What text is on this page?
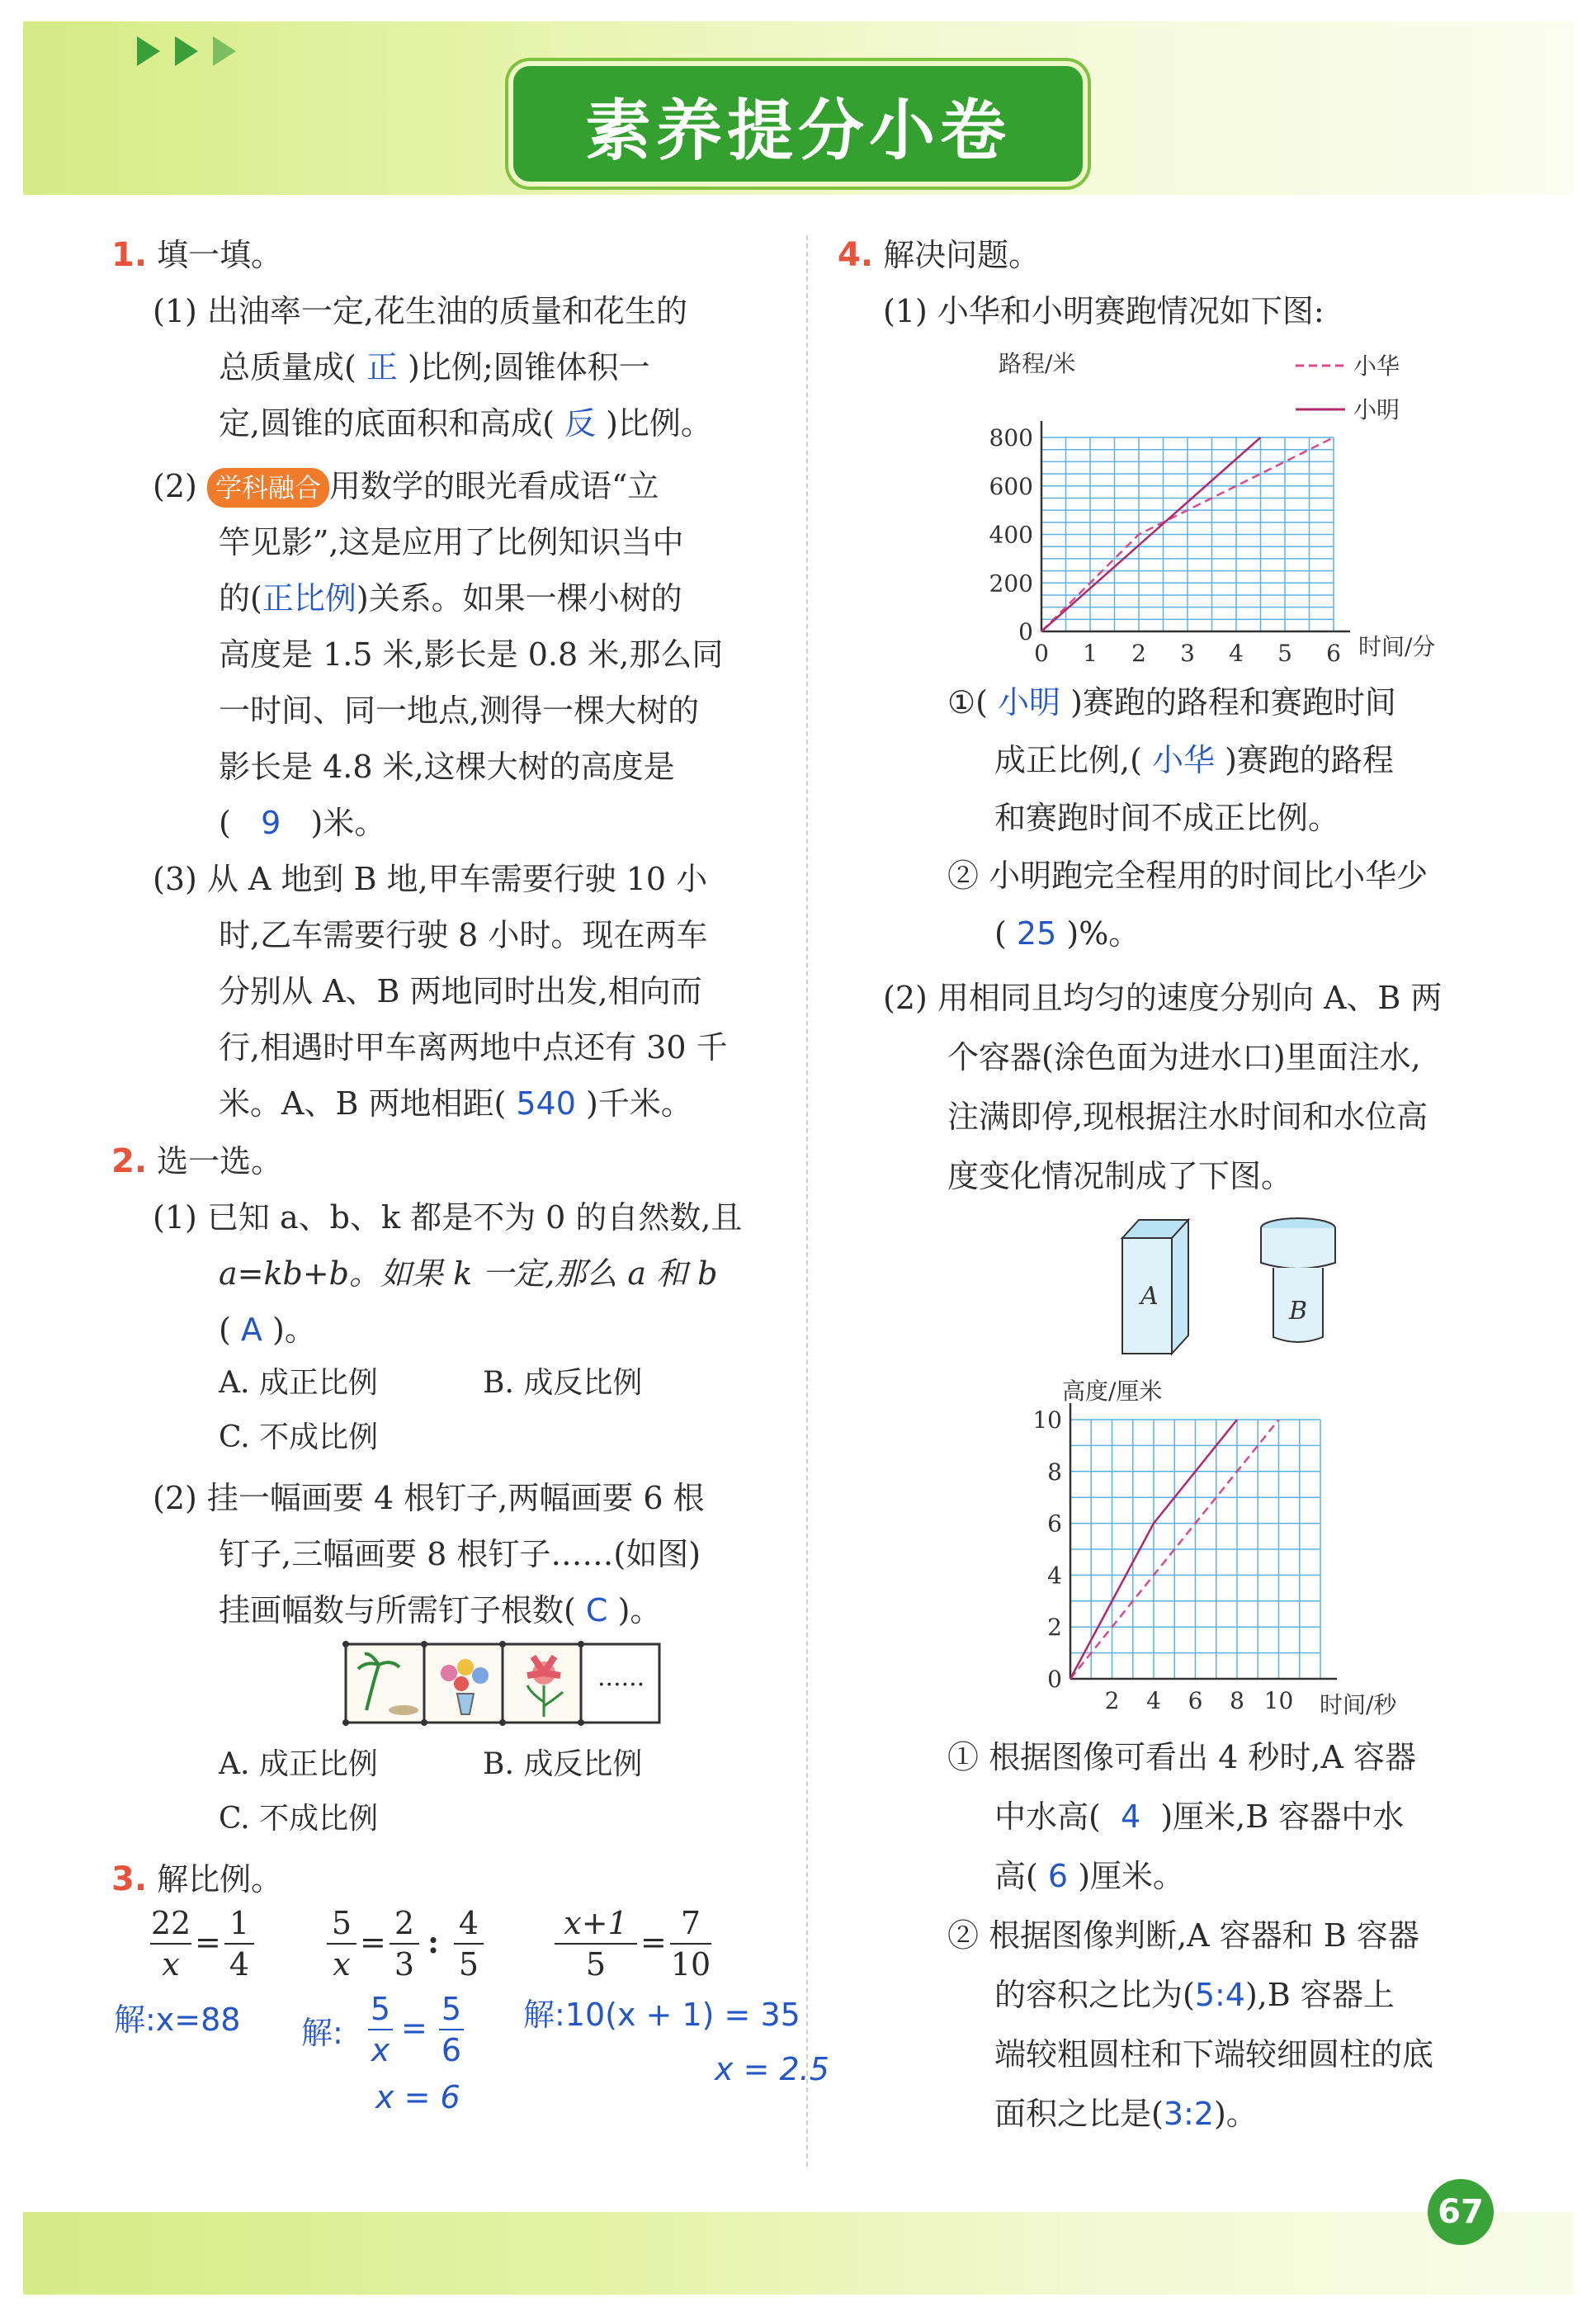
素养提分小卷
1. 填一填。
(1) 出油率一定,花生油的质量和花生的
总质量成( 正 )比例;圆锥体积一
定,圆锥的底面积和高成( 反 )比例。
(2) 学科融合 用数学的眼光看成语“立
竿见影”,这是应用了比例知识当中
的(正比例)关系。如果一棵小树的
高度是 1.5 米,影长是 0.8 米,那么同
一时间、同一地点,测得一棵大树的
影长是 4.8 米,这棵大树的高度是
( 9 )米。
(3) 从 A 地到 B 地,甲车需要行驶 10 小
时,乙车需要行驶 8 小时。现在两车
分别从 A、B 两地同时出发,相向而
行,相遇时甲车离两地中点还有 30 千
米。A、B 两地相距( 540 )千米。
2. 选一选。
(1) 已知 a、b、k 都是不为 0 的自然数,且
a=kb+b。如果 k 一定,那么 a 和 b
( A )。
A. 成正比例	B. 成反比例
C. 不成比例
(2) 挂一幅画要 4 根钉子,两幅画要 6 根
钉子,三幅画要 8 根钉子……(如图)
挂画幅数与所需钉子根数( C )。
......
A. 成正比例	B. 成反比例
C. 不成比例
3. 解比例。
22
x
=
1
4
5
x
=
2
3
: 4
5
x+1
5
=
7
10
解:x=88 解:
5
x
=
5
6
x = 6
解:10(x + 1) = 35
x = 2.5
4. 解决问题。
(1) 小华和小明赛跑情况如下图:
0 1 2 3 4 5 6
0
200
400
600
800
路程/米
时间/分
小华
小明
①( 小明 )赛跑的路程和赛跑时间
成正比例,( 小华 )赛跑的路程
和赛跑时间不成正比例。
② 小明跑完全程用的时间比小华少
( 25 )%。
(2) 用相同且均匀的速度分别向 A、B 两
个容器(涂色面为进水口)里面注水,
注满即停,现根据注水时间和水位高
度变化情况制成了下图。
A
B
2 4 6 8 10
0
2
4
6
8
10
高度/厘米
时间/秒
① 根据图像可看出 4 秒时,A 容器
中水高( 4 )厘米,B 容器中水
高( 6 )厘米。
② 根据图像判断,A 容器和 B 容器
的容积之比为(5:4),B 容器上
端较粗圆柱和下端较细圆柱的底
面积之比是(3:2)。
67
